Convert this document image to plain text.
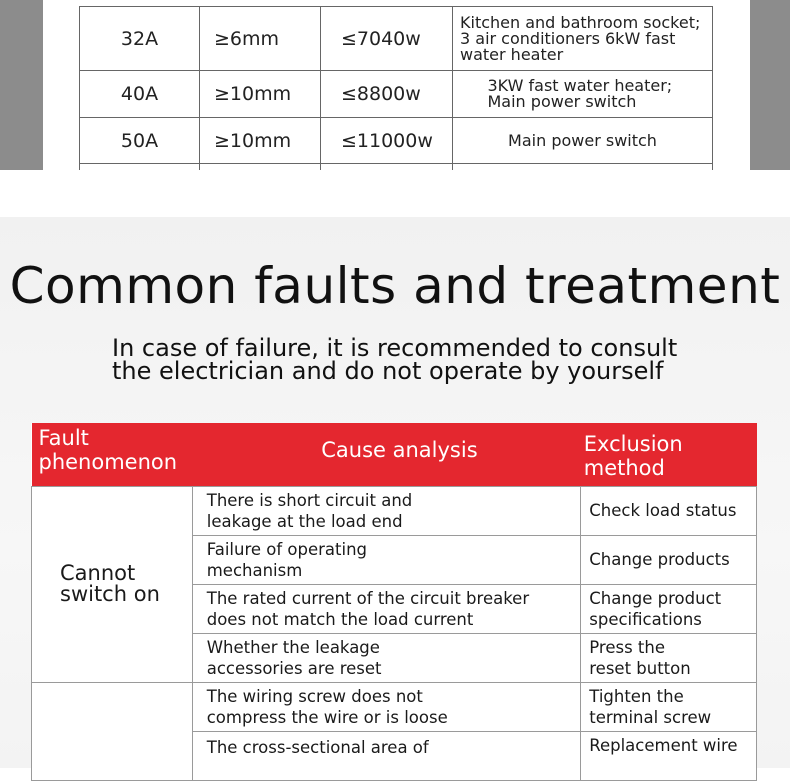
32A	≥6mm	≤7040w	Kitchen and bathroom socket; 3 air conditioners 6kW fast water heater
40A	≥10mm	≤8800w	3KW fast water heater; Main power switch
50A	≥10mm	≤11000w	Main power switch

Common faults and treatment
In case of failure, it is recommended to consult the electrician and do not operate by yourself
Fault phenomenon	Cause analysis	Exclusion method

Cannot switch on	There is short circuit and leakage at the load end	Check load status

	Failure of operating mechanism	Change products

	The rated current of the circuit breaker does not match the load current	Change product specifications

	Whether the leakage accessories are reset	Press the reset button

	The wiring screw does not compress the wire or is loose	Tighten the terminal screw

	The cross-sectional area of	Replacement wire
